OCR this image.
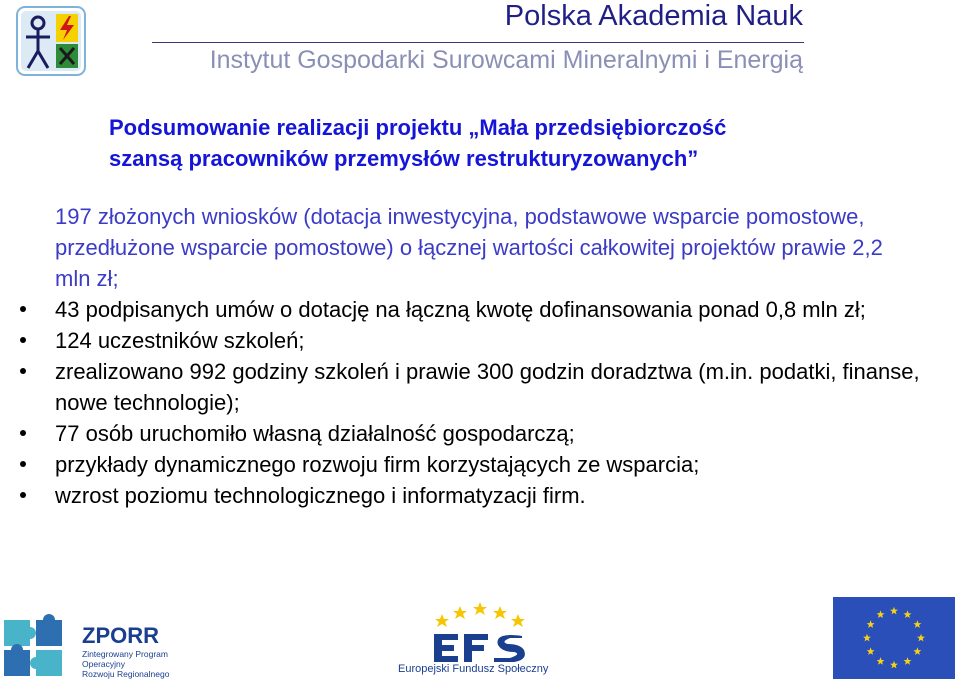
Polska Akademia Nauk
Instytut Gospodarki Surowcami Mineralnymi i Energią
Podsumowanie realizacji projektu „Mała przedsiębiorczość
szansą pracowników przemysłów restrukturyzowanych”
197 złożonych wniosków (dotacja inwestycyjna, podstawowe wsparcie pomostowe, przedłużone wsparcie pomostowe) o łącznej wartości całkowitej projektów prawie 2,2 mln zł;
43 podpisanych umów o dotację na łączną kwotę dofinansowania ponad 0,8 mln zł;
124 uczestników szkoleń;
zrealizowano 992 godziny szkoleń i prawie 300 godzin doradztwa (m.in. podatki, finanse, nowe technologie);
77 osób uruchomiło własną działalność gospodarczą;
przykłady dynamicznego rozwoju firm korzystających ze wsparcia;
wzrost poziomu technologicznego i informatyzacji firm.
ZPORR
Zintegrowany Program
Operacyjny
Rozwoju Regionalnego	Europejski Fundusz Społeczny
